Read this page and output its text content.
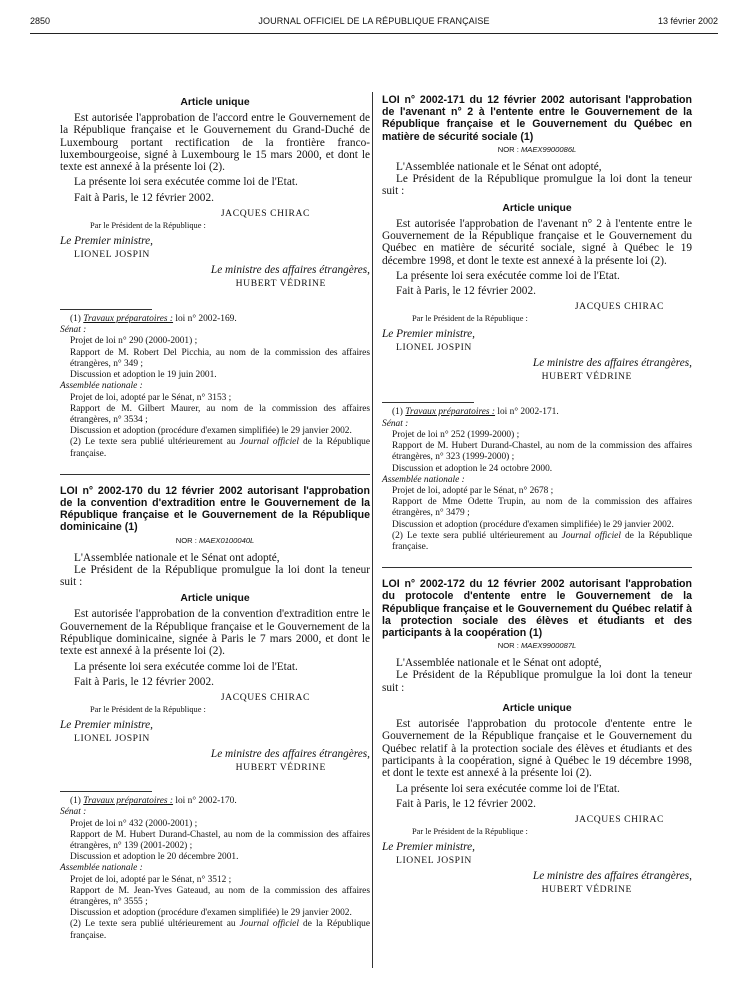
2850	JOURNAL OFFICIEL DE LA RÉPUBLIQUE FRANÇAISE	13 février 2002
Article unique

Est autorisée l'approbation de l'accord entre le Gouvernement de la République française et le Gouvernement du Grand-Duché de Luxembourg portant rectification de la frontière franco-luxembourgeoise, signé à Luxembourg le 15 mars 2000, et dont le texte est annexé à la présente loi (2).

La présente loi sera exécutée comme loi de l'Etat.

Fait à Paris, le 12 février 2002.

JACQUES CHIRAC

Par le Président de la République :

Le Premier ministre,

LIONEL JOSPIN

Le ministre des affaires étrangères,

HUBERT VÉDRINE

(1) Travaux préparatoires : loi n° 2002-169.

Sénat :

Projet de loi n° 290 (2000-2001) ;

Rapport de M. Robert Del Picchia, au nom de la commission des affaires étrangères, n° 349 ;

Discussion et adoption le 19 juin 2001.

Assemblée nationale :

Projet de loi, adopté par le Sénat, n° 3153 ;

Rapport de M. Gilbert Maurer, au nom de la commission des affaires étrangères, n° 3534 ;

Discussion et adoption (procédure d'examen simplifiée) le 29 janvier 2002.

(2) Le texte sera publié ultérieurement au Journal officiel de la République française.

LOI n° 2002-170 du 12 février 2002 autorisant l'approbation de la convention d'extradition entre le Gouvernement de la République française et le Gouvernement de la République dominicaine (1)

NOR : MAEX0100040L

L'Assemblée nationale et le Sénat ont adopté,

Le Président de la République promulgue la loi dont la teneur suit :

Article unique

Est autorisée l'approbation de la convention d'extradition entre le Gouvernement de la République française et le Gouvernement de la République dominicaine, signée à Paris le 7 mars 2000, et dont le texte est annexé à la présente loi (2).

La présente loi sera exécutée comme loi de l'Etat.

Fait à Paris, le 12 février 2002.

JACQUES CHIRAC

Par le Président de la République :

Le Premier ministre,

LIONEL JOSPIN

Le ministre des affaires étrangères,

HUBERT VÉDRINE

(1) Travaux préparatoires : loi n° 2002-170.

Sénat :

Projet de loi n° 432 (2000-2001) ;

Rapport de M. Hubert Durand-Chastel, au nom de la commission des affaires étrangères, n° 139 (2001-2002) ;

Discussion et adoption le 20 décembre 2001.

Assemblée nationale :

Projet de loi, adopté par le Sénat, n° 3512 ;

Rapport de M. Jean-Yves Gateaud, au nom de la commission des affaires étrangères, n° 3555 ;

Discussion et adoption (procédure d'examen simplifiée) le 29 janvier 2002.

(2) Le texte sera publié ultérieurement au Journal officiel de la République française.

LOI n° 2002-171 du 12 février 2002 autorisant l'approbation de l'avenant n° 2 à l'entente entre le Gouvernement de la République française et le Gouvernement du Québec en matière de sécurité sociale (1)

NOR : MAEX9900086L

L'Assemblée nationale et le Sénat ont adopté,

Le Président de la République promulgue la loi dont la teneur suit :

Article unique

Est autorisée l'approbation de l'avenant n° 2 à l'entente entre le Gouvernement de la République française et le Gouvernement du Québec en matière de sécurité sociale, signé à Québec le 19 décembre 1998, et dont le texte est annexé à la présente loi (2).

La présente loi sera exécutée comme loi de l'Etat.

Fait à Paris, le 12 février 2002.

JACQUES CHIRAC

Par le Président de la République :

Le Premier ministre,

LIONEL JOSPIN

Le ministre des affaires étrangères,

HUBERT VÉDRINE

(1) Travaux préparatoires : loi n° 2002-171.

Sénat :

Projet de loi n° 252 (1999-2000) ;

Rapport de M. Hubert Durand-Chastel, au nom de la commission des affaires étrangères, n° 323 (1999-2000) ;

Discussion et adoption le 24 octobre 2000.

Assemblée nationale :

Projet de loi, adopté par le Sénat, n° 2678 ;

Rapport de Mme Odette Trupin, au nom de la commission des affaires étrangères, n° 3479 ;

Discussion et adoption (procédure d'examen simplifiée) le 29 janvier 2002.

(2) Le texte sera publié ultérieurement au Journal officiel de la République française.

LOI n° 2002-172 du 12 février 2002 autorisant l'approbation du protocole d'entente entre le Gouvernement de la République française et le Gouvernement du Québec relatif à la protection sociale des élèves et étudiants et des participants à la coopération (1)

NOR : MAEX9900087L

L'Assemblée nationale et le Sénat ont adopté,

Le Président de la République promulgue la loi dont la teneur suit :

Article unique

Est autorisée l'approbation du protocole d'entente entre le Gouvernement de la République française et le Gouvernement du Québec relatif à la protection sociale des élèves et étudiants et des participants à la coopération, signé à Québec le 19 décembre 1998, et dont le texte est annexé à la présente loi (2).

La présente loi sera exécutée comme loi de l'Etat.

Fait à Paris, le 12 février 2002.

JACQUES CHIRAC

Par le Président de la République :

Le Premier ministre,

LIONEL JOSPIN

Le ministre des affaires étrangères,

HUBERT VÉDRINE
